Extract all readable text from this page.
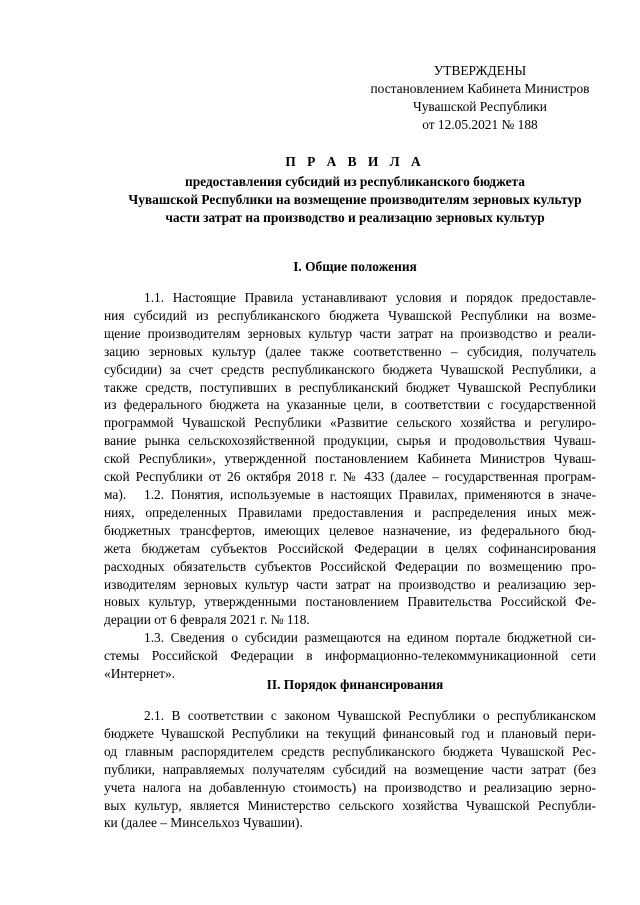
УТВЕРЖДЕНЫ
постановлением Кабинета Министров
Чувашской Республики
от 12.05.2021 № 188
П Р А В И Л А
предоставления субсидий из республиканского бюджета
Чувашской Республики на возмещение производителям зерновых культур
части затрат на производство и реализацию зерновых культур
I. Общие положения
1.1. Настоящие Правила устанавливают условия и порядок предоставле-
ния субсидий из республиканского бюджета Чувашской Республики на возме-
щение производителям зерновых культур части затрат на производство и реали-
зацию зерновых культур (далее также соответственно – субсидия, получатель
субсидии) за счет средств республиканского бюджета Чувашской Республики, а
также средств, поступивших в республиканский бюджет Чувашской Республики
из федерального бюджета на указанные цели, в соответствии с государственной
программой Чувашской Республики «Развитие сельского хозяйства и регулиро-
вание рынка сельскохозяйственной продукции, сырья и продовольствия Чуваш-
ской Республики», утвержденной постановлением Кабинета Министров Чуваш-
ской Республики от 26 октября 2018 г. № 433 (далее – государственная програм-
ма).	1.2. Понятия, используемые в настоящих Правилах, применяются в значе-
ниях, определенных Правилами предоставления и распределения иных меж-
бюджетных трансфертов, имеющих целевое назначение, из федерального бюд-
жета бюджетам субъектов Российской Федерации в целях софинансирования
расходных обязательств субъектов Российской Федерации по возмещению про-
изводителям зерновых культур части затрат на производство и реализацию зер-
новых культур, утвержденными постановлением Правительства Российской Фе-
дерации от 6 февраля 2021 г. № 118.
1.3. Сведения о субсидии размещаются на едином портале бюджетной си-
стемы Российской Федерации в информационно-телекоммуникационной сети
«Интернет».
II. Порядок финансирования
2.1. В соответствии с законом Чувашской Республики о республиканском
бюджете Чувашской Республики на текущий финансовый год и плановый пери-
од главным распорядителем средств республиканского бюджета Чувашской Рес-
публики, направляемых получателям субсидий на возмещение части затрат (без
учета налога на добавленную стоимость) на производство и реализацию зерно-
вых культур, является Министерство сельского хозяйства Чувашской Республи-
ки (далее – Минсельхоз Чувашии).
